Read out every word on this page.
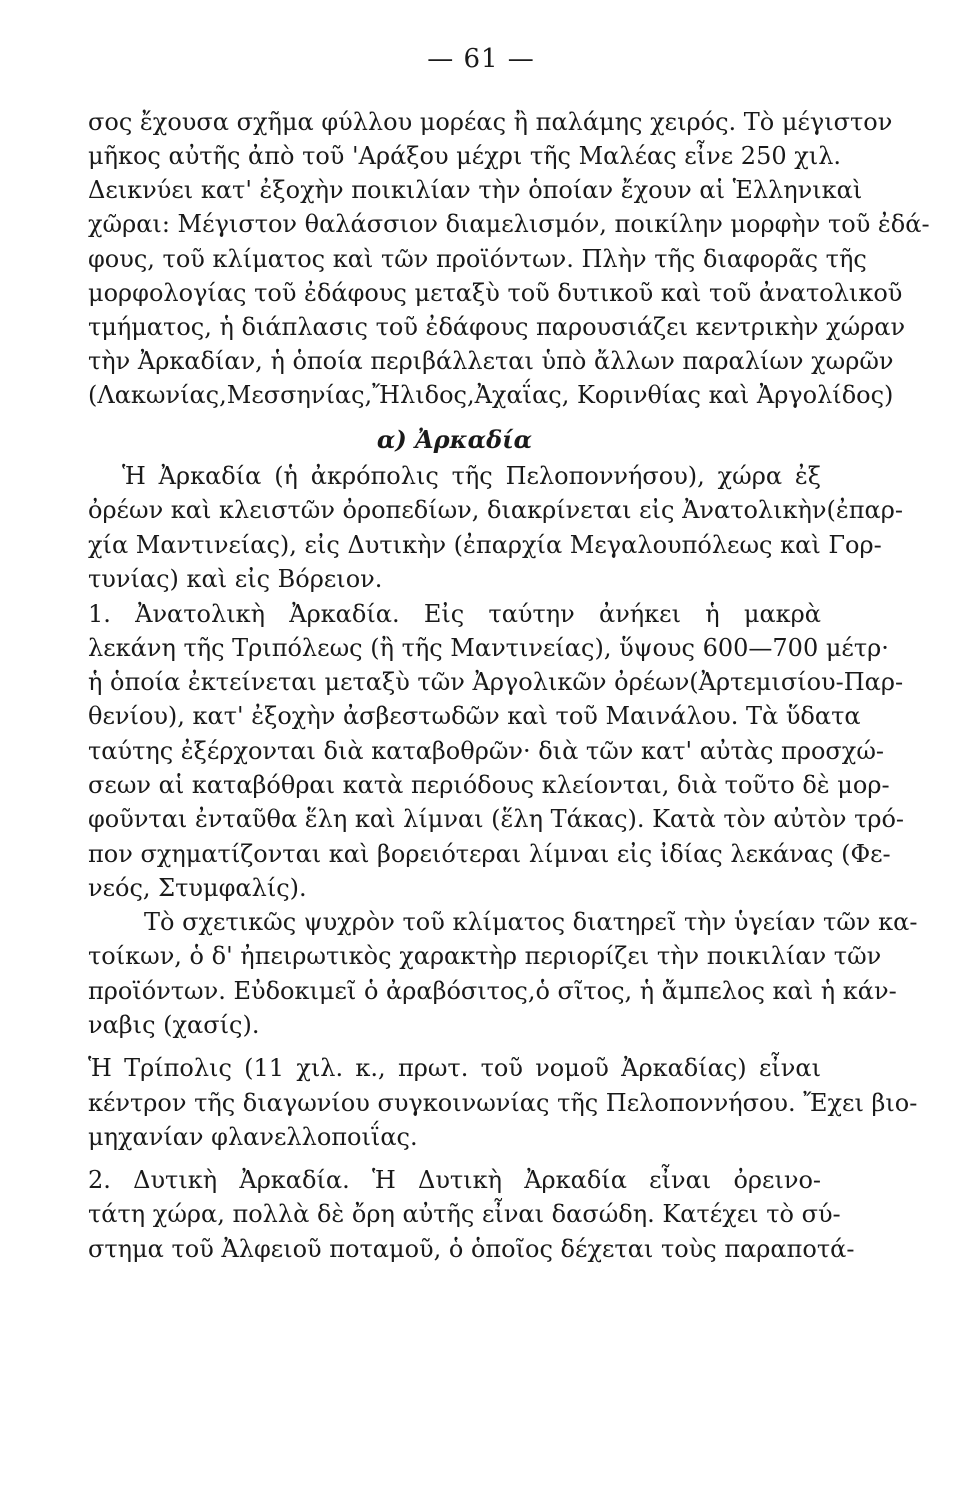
— 61 —
σος ἔχουσα σχῆμα φύλλου μορέας ἢ παλάμης χειρός. Τὸ μέγιστον
μῆκος αὐτῆς ἀπὸ τοῦ 'Αράξου μέχρι τῆς Μαλέας εἶνε 250 χιλ.
Δεικνύει κατ' ἐξοχὴν ποικιλίαν τὴν ὁποίαν ἔχουν αἱ Ἑλληνικαὶ
χῶραι: Μέγιστον θαλάσσιον διαμελισμόν, ποικίλην μορφὴν τοῦ ἐδά-
φους, τοῦ κλίματος καὶ τῶν προϊόντων. Πλὴν τῆς διαφορᾶς τῆς
μορφολογίας τοῦ ἐδάφους μεταξὺ τοῦ δυτικοῦ καὶ τοῦ ἀνατολικοῦ
τμήματος, ἡ διάπλασις τοῦ ἐδάφους παρουσιάζει κεντρικὴν χώραν
τὴν Ἀρκαδίαν, ἡ ὁποία περιβάλλεται ὑπὸ ἄλλων παραλίων χωρῶν
(Λακωνίας,Μεσσηνίας,Ἤλιδος,Ἀχαΐας, Κορινθίας καὶ Ἀργολίδος)
α) Ἀρκαδία
Ἡ Ἀρκαδία (ἡ ἀκρόπολις τῆς Πελοποννήσου), χώρα ἐξ
ὀρέων καὶ κλειστῶν ὀροπεδίων, διακρίνεται εἰς Ἀνατολικὴν(ἐπαρ-
χία Μαντινείας), εἰς Δυτικὴν (ἐπαρχία Μεγαλουπόλεως καὶ Γορ-
τυνίας) καὶ εἰς Βόρειον.
1. Ἀνατολικὴ Ἀρκαδία. Εἰς ταύτην ἀνήκει ἡ μακρὰ
λεκάνη τῆς Τριπόλεως (ἢ τῆς Μαντινείας), ὕψους 600—700 μέτρ·
ἡ ὁποία ἐκτείνεται μεταξὺ τῶν Ἀργολικῶν ὀρέων(Ἀρτεμισίου-Παρ-
θενίου), κατ' ἐξοχὴν ἀσβεστωδῶν καὶ τοῦ Μαινάλου. Τὰ ὕδατα
ταύτης ἐξέρχονται διὰ καταβοθρῶν· διὰ τῶν κατ' αὐτὰς προσχώ-
σεων αἱ καταβόθραι κατὰ περιόδους κλείονται, διὰ τοῦτο δὲ μορ-
φοῦνται ἐνταῦθα ἕλη καὶ λίμναι (ἕλη Τάκας). Κατὰ τὸν αὐτὸν τρό-
πον σχηματίζονται καὶ βορειότεραι λίμναι εἰς ἰδίας λεκάνας (Φε-
νεός, Στυμφαλίς).
Τὸ σχετικῶς ψυχρὸν τοῦ κλίματος διατηρεῖ τὴν ὑγείαν τῶν κα-
τοίκων, ὁ δ' ἠπειρωτικὸς χαρακτὴρ περιορίζει τὴν ποικιλίαν τῶν
προϊόντων. Εὐδοκιμεῖ ὁ ἀραβόσιτος,ὁ σῖτος, ἡ ἄμπελος καὶ ἡ κάν-
ναβις (χασίς).
Ἡ Τρίπολις (11 χιλ. κ., πρωτ. τοῦ νομοῦ Ἀρκαδίας) εἶναι
κέντρον τῆς διαγωνίου συγκοινωνίας τῆς Πελοποννήσου. Ἔχει βιο-
μηχανίαν φλανελλοποιΐας.
2. Δυτικὴ Ἀρκαδία. Ἡ Δυτικὴ Ἀρκαδία εἶναι ὀρεινο-
τάτη χώρα, πολλὰ δὲ ὄρη αὐτῆς εἶναι δασώδη. Κατέχει τὸ σύ-
στημα τοῦ Ἀλφειοῦ ποταμοῦ, ὁ ὁποῖος δέχεται τοὺς παραποτά-
